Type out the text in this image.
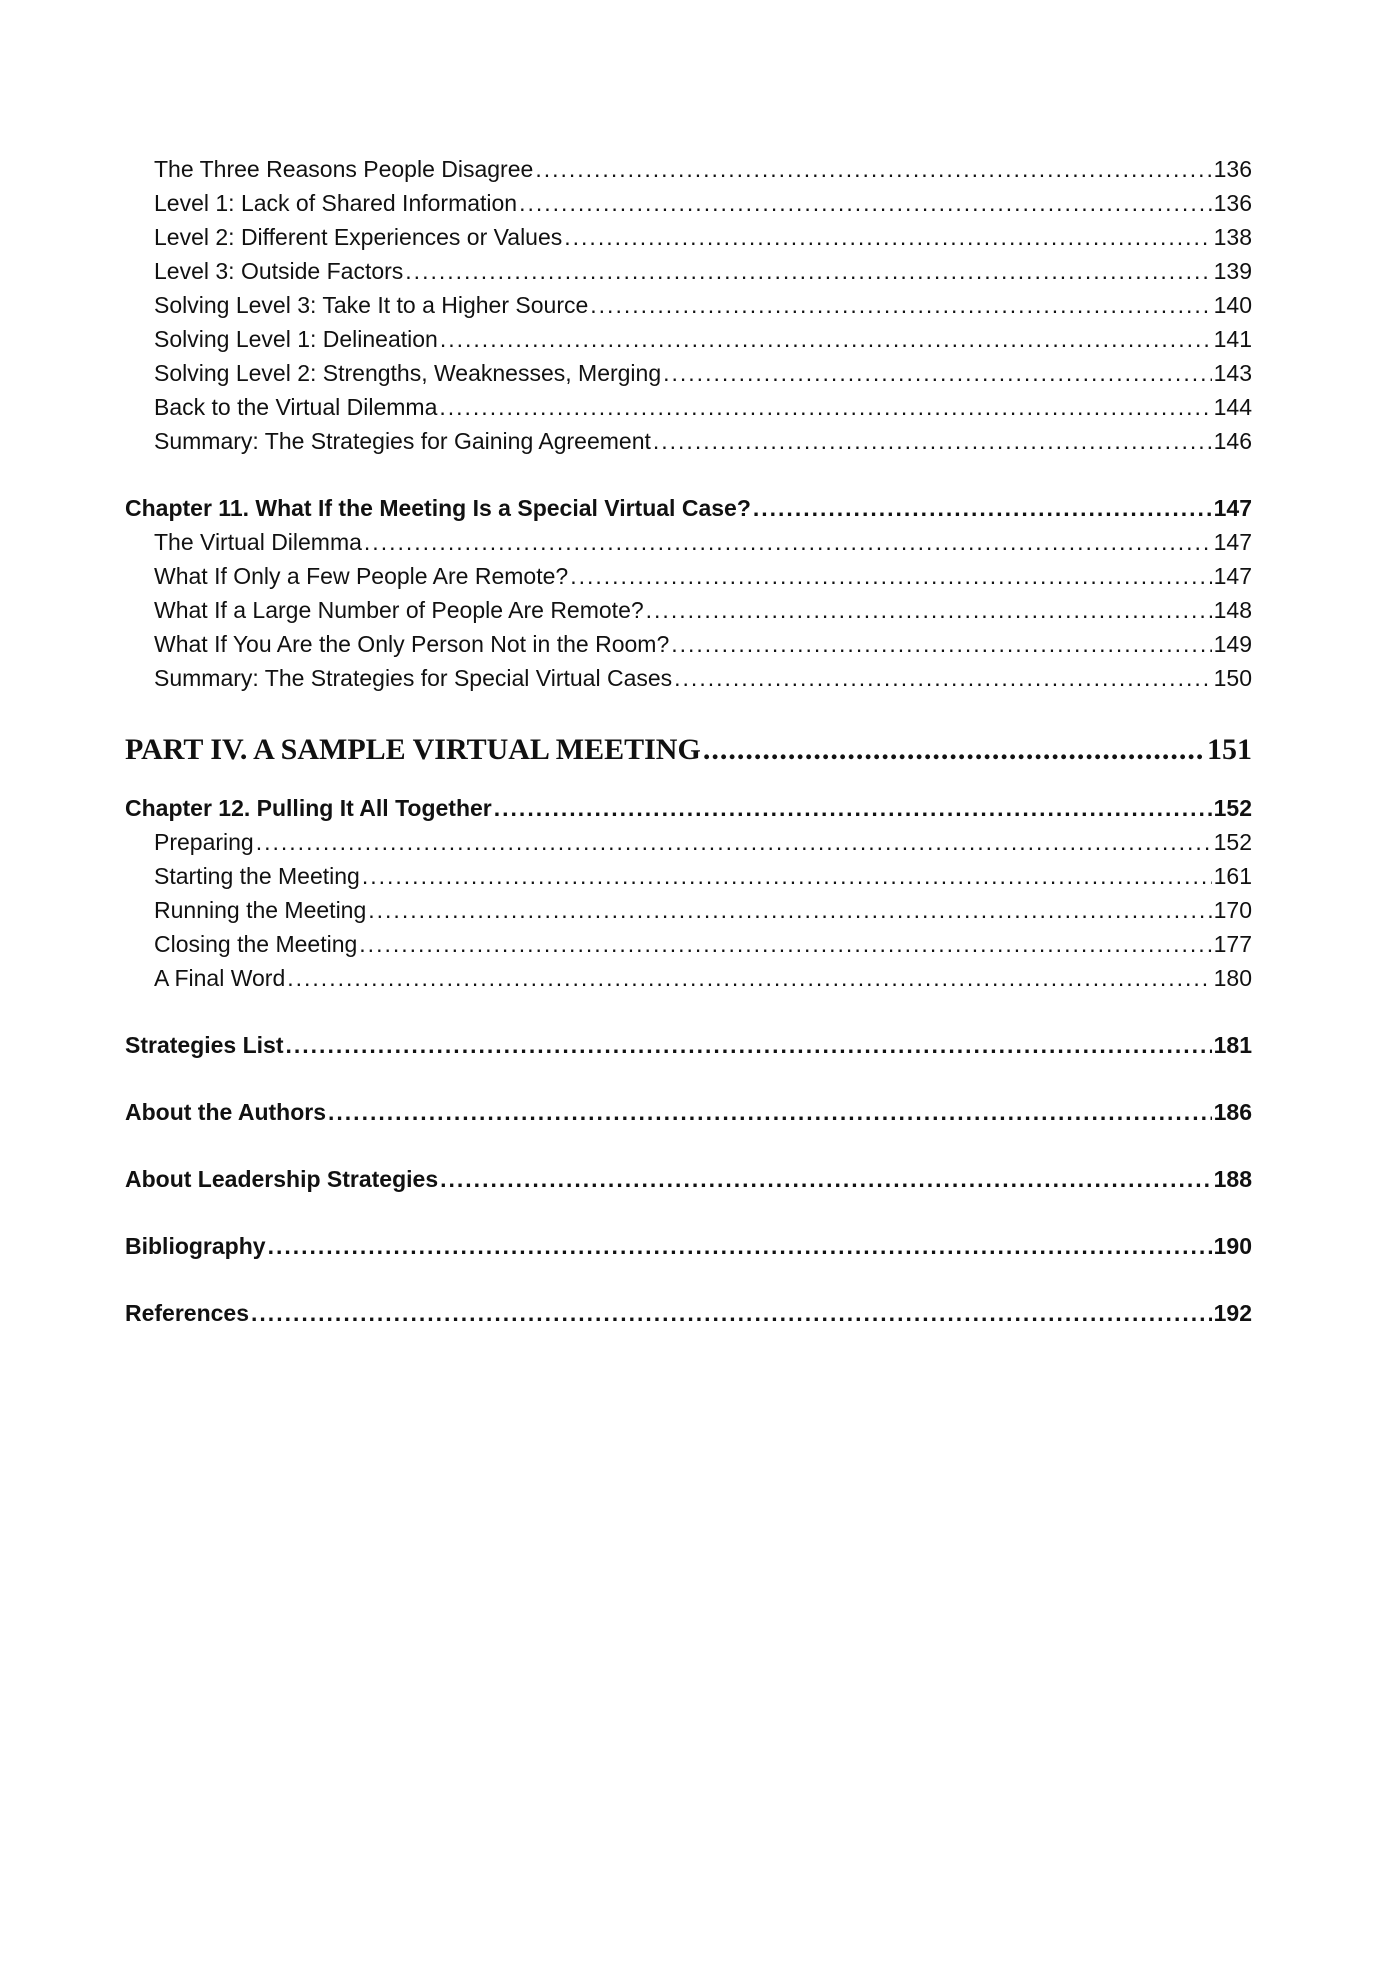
The Three Reasons People Disagree .....	136
Level 1: Lack of Shared Information .....	136
Level 2: Different Experiences or Values .....	138
Level 3: Outside Factors .....	139
Solving Level 3: Take It to a Higher Source .....	140
Solving Level 1: Delineation .....	141
Solving Level 2: Strengths, Weaknesses, Merging .....	143
Back to the Virtual Dilemma .....	144
Summary: The Strategies for Gaining Agreement .....	146
Chapter 11. What If the Meeting Is a Special Virtual Case? .....	147
The Virtual Dilemma .....	147
What If Only a Few People Are Remote? .....	147
What If a Large Number of People Are Remote? .....	148
What If You Are the Only Person Not in the Room? .....	149
Summary: The Strategies for Special Virtual Cases .....	150
PART IV. A SAMPLE VIRTUAL MEETING .....	151
Chapter 12. Pulling It All Together .....	152
Preparing .....	152
Starting the Meeting .....	161
Running the Meeting .....	170
Closing the Meeting .....	177
A Final Word .....	180
Strategies List .....	181
About the Authors .....	186
About Leadership Strategies .....	188
Bibliography .....	190
References .....	192
